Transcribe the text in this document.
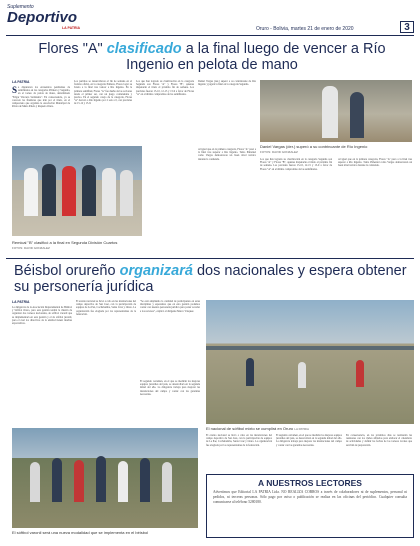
Suplemento
Deportivo
LA PATRIA	Oruro - Bolivia, martes 21 de enero de 2020	3
Flores "A" clasificado a la final luego de vencer a Río Ingenio en pelota de mano
LA PATRIA
S e disputaron los encuentros pendientes de semifinales en las categorías Primera y Segunda, en el torneo de pelota de mano, denominado "Edgar Vizcarra Sarmiento". En consecuencia, ya se conocen los finalistas que irán por el título, en el campeonato que organiza la Asociación Municipal de Pelota de Mano Paleta y Raqueta Oruro.
Los partidos se desarrollaron el fin de semana en el frontón oficial, en la categoría Primera, Flores logró su boleto a la final tras vencer a Río Ingenio. En la primera semifinal, Flores "A" fue dueño de las acciones desde el primer set, con un juego contundente y preciso. En el segundo cotejo de la categoría, Flores "A" derrotó a Río Ingenio por 2 sets a 0, con parciales de 15-12 y 15-8.
Los que han logrado su clasificación en la categoría Segunda son Flores "A" y Flores "B", quienes disputarán el título el próximo fin de semana. Los parciales fueron 15-10, 12-15 y 15-9 a favor de Flores "A" en el último compromiso de las semifinales.
Daniel Vargas (der.) superó a su contrincante de Río Ingenio y jugará la final en la categoría Segunda.
Al igual que en la primera categoría, Flores "A" pasó a la final tras superar a Río Ingenio. Tanto Pimentel como Vargas demostraron un buen nivel técnico durante la contienda.
Remical "B" clasificó a la final en Segunda División Cuartos
FOTOS: DAVID GONZALEZ
Daniel Vargas (der.) superó a su contrincante de Río Ingenio
FOTOS: DAVID GONZALEZ
Los que han logrado su clasificación en la categoría Segunda son Flores "A" y Flores "B", quienes disputarán el título el próximo fin de semana. Los parciales fueron 15-10, 12-15 y 15-9 a favor de Flores "A" en el último compromiso de las semifinales.
Al igual que en la primera categoría, Flores "A" pasó a la final tras superar a Río Ingenio. Tanto Pimentel como Vargas demostraron un buen nivel técnico durante la contienda.
Béisbol orureño organizará dos nacionales y espera obtener su personería jurídica
LA PATRIA
La dirigencia de la Asociación Departamental de Béisbol y Sóftbol Oruro, para esta gestión tendrá la misión de organizar dos torneos nacionales, de sóftbol varonil que se implementará en esta gestión y el de sóftbol juvenil, para el cual los directivos de la entidad tienen muchas expectativas.
El evento nacional se llevó a cabo en las instalaciones del campo deportivo de San José, con la participación de equipos de La Paz, Cochabamba, Santa Cruz y Oruro. La organización fue elogiada por los representantes de la federación.
"Se está ampliando la cantidad de participantes en estas disciplinas y esperamos que en esta gestión podamos contar con nuestra personería jurídica para poder acceder a los recursos", explicó el dirigente Marco Vásquez.
El segundo certamen, en el que se medirán los mejores equipos juveniles del país, se desarrollará en la segunda mitad del año. La dirigencia trabaja para mejorar las instalaciones del campo y contar con las garantías necesarias.
El sóftbol varonil será una nueva modalidad que se implementa en el béisbol
El nacional de sóftbol mixto se cumplirá en Oruro LA PATRIA
El evento nacional se llevó a cabo en las instalaciones del campo deportivo de San José, con la participación de equipos de La Paz, Cochabamba, Santa Cruz y Oruro. La organización fue elogiada por los representantes de la federación.
El segundo certamen, en el que se medirán los mejores equipos juveniles del país, se desarrollará en la segunda mitad del año. La dirigencia trabaja para mejorar las instalaciones del campo y contar con las garantías necesarias.
En consecuencia, en los próximos días se realizarán las reuniones con los clubes afiliados para elaborar el calendario de actividades y definir las fechas de los torneos locales que servirán de preparación.
A NUESTROS LECTORES
Advertimos que Editorial LA PATRIA Ltda. NO REALIZA COBROS a través de colaboradores ni de suplementos, personal ni pedidos, ni terceras personas. Sólo pago por aviso o publicación se realiza en las oficinas del periódico. Cualquier consulta comunicarse al teléfono 5280180.
